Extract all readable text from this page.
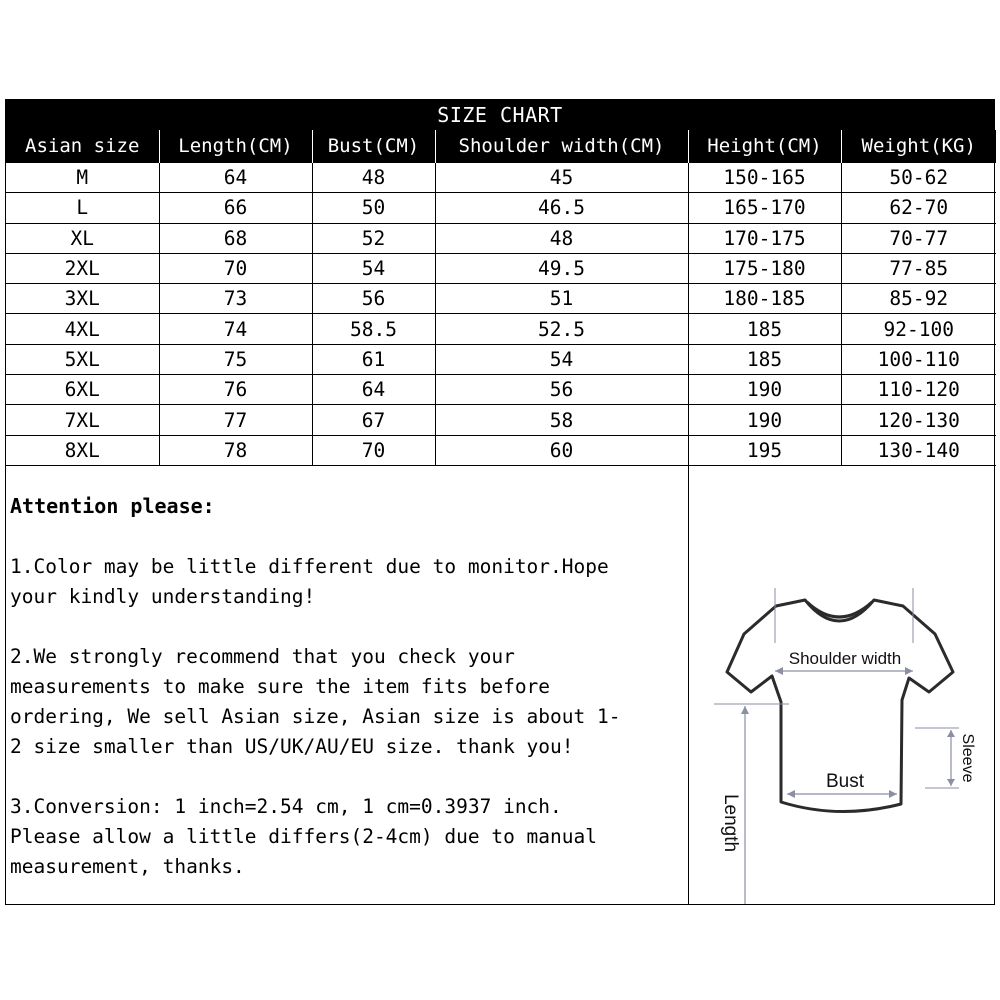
SIZE CHART
Asian size	Length(CM)	Bust(CM)	Shoulder width(CM)	Height(CM)	Weight(KG)
M	64	48	45	150-165	50-62
L	66	50	46.5	165-170	62-70
XL	68	52	48	170-175	70-77
2XL	70	54	49.5	175-180	77-85
3XL	73	56	51	180-185	85-92
4XL	74	58.5	52.5	185	92-100
5XL	75	61	54	185	100-110
6XL	76	64	56	190	110-120
7XL	77	67	58	190	120-130
8XL	78	70	60	195	130-140
Attention please:
1.Color may be little different due to monitor.Hope
your kindly understanding!
2.We strongly recommend that you check your
measurements to make sure the item fits before
ordering, We sell Asian size, Asian size is about 1-
2 size smaller than US/UK/AU/EU size. thank you!
3.Conversion: 1 inch=2.54 cm, 1 cm=0.3937 inch.
Please allow a little differs(2-4cm) due to manual
measurement, thanks.
Shoulder width
Bust
Length
Sleeve
